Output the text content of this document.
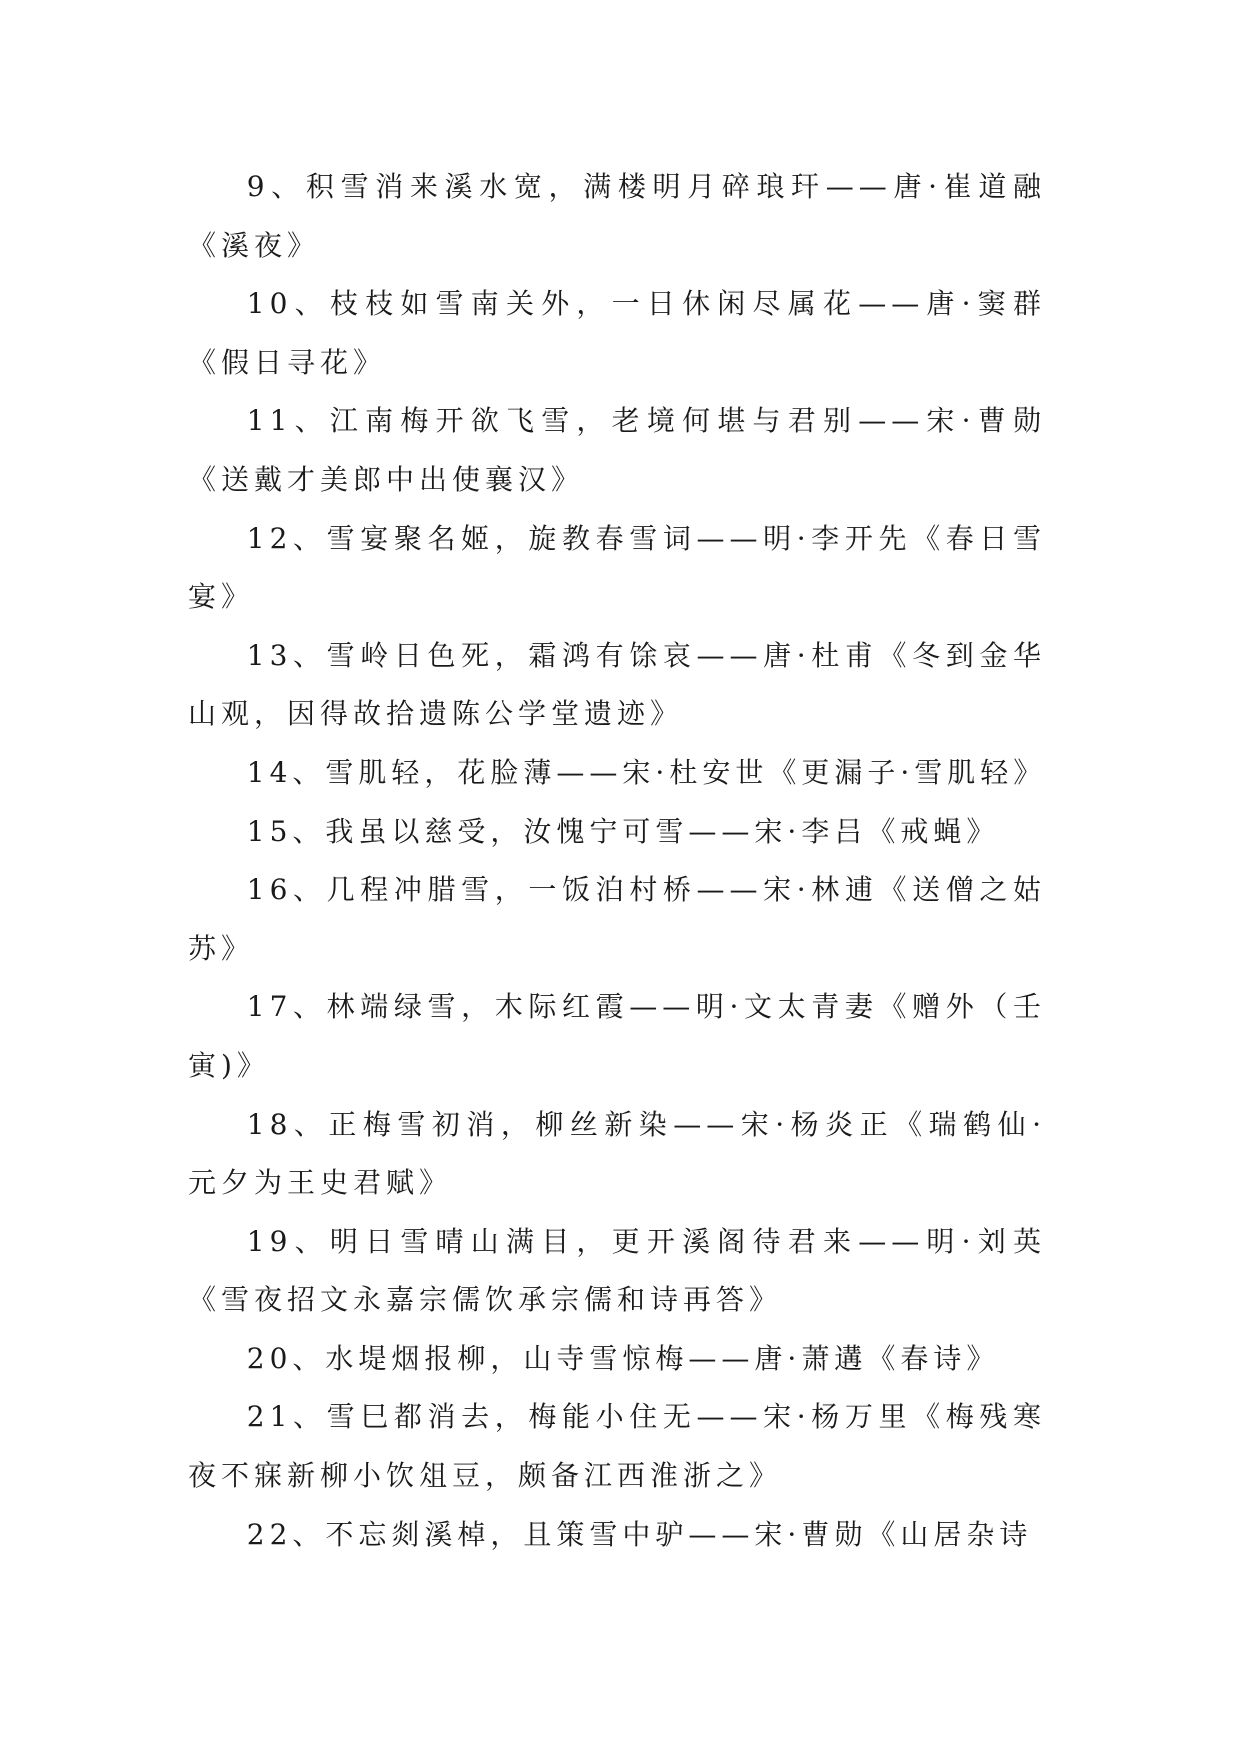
9、积雪消来溪水宽，满楼明月碎琅玕——唐·崔道融《溪夜》

10、枝枝如雪南关外，一日休闲尽属花——唐·窦群《假日寻花》

11、江南梅开欲飞雪，老境何堪与君别——宋·曹勋《送戴才美郎中出使襄汉》

12、雪宴聚名姬，旋教春雪词——明·李开先《春日雪宴》

13、雪岭日色死，霜鸿有馀哀——唐·杜甫《冬到金华山观，因得故拾遗陈公学堂遗迹》

14、雪肌轻，花脸薄——宋·杜安世《更漏子·雪肌轻》

15、我虽以慈受，汝愧宁可雪——宋·李吕《戒蝇》

16、几程冲腊雪，一饭泊村桥——宋·林逋《送僧之姑苏》

17、林端绿雪，木际红霞——明·文太青妻《赠外（壬寅)》

18、正梅雪初消，柳丝新染——宋·杨炎正《瑞鹤仙·元夕为王史君赋》

19、明日雪晴山满目，更开溪阁待君来——明·刘英《雪夜招文永嘉宗儒饮承宗儒和诗再答》

20、水堤烟报柳，山寺雪惊梅——唐·萧遘《春诗》

21、雪巳都消去，梅能小住无——宋·杨万里《梅残寒夜不寐新柳小饮俎豆，颇备江西淮浙之》

22、不忘剡溪棹，且策雪中驴——宋·曹勋《山居杂诗
